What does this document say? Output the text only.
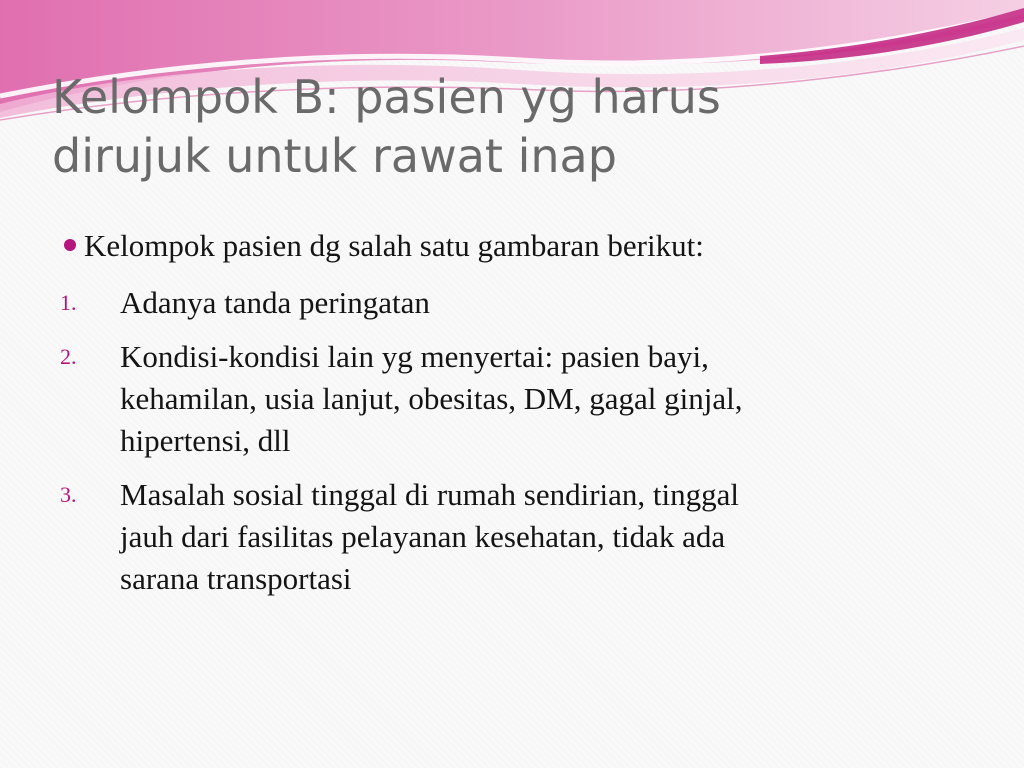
Kelompok B: pasien yg harus
dirujuk untuk rawat inap
Kelompok pasien dg salah satu gambaran berikut:
1. Adanya tanda peringatan
2. Kondisi-kondisi lain yg menyertai: pasien bayi,
kehamilan, usia lanjut, obesitas, DM, gagal ginjal,
hipertensi, dll
3. Masalah sosial tinggal di rumah sendirian, tinggal
jauh dari fasilitas pelayanan kesehatan, tidak ada
sarana transportasi
